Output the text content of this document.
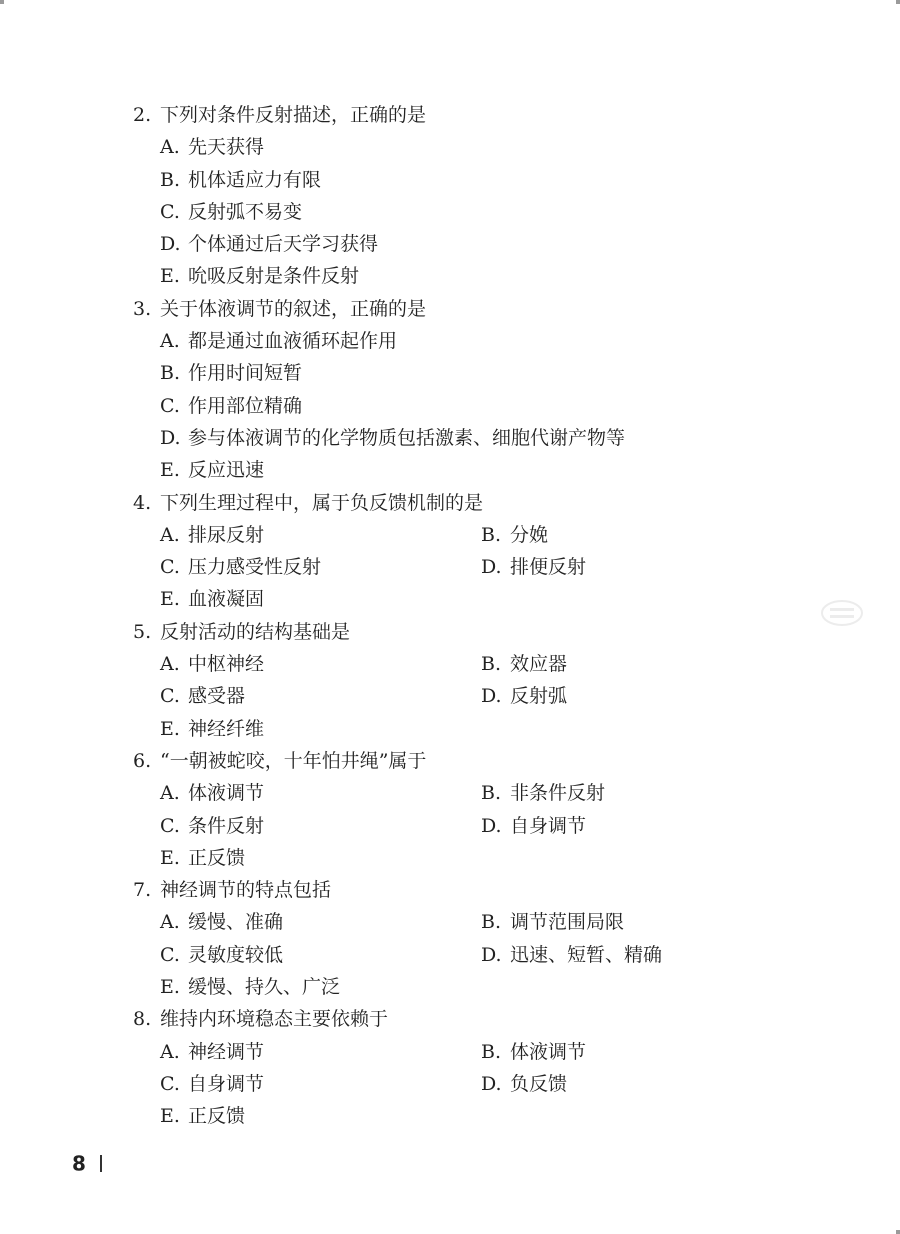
2. 下列对条件反射描述，正确的是
A. 先天获得
B. 机体适应力有限
C. 反射弧不易变
D. 个体通过后天学习获得
E. 吮吸反射是条件反射
3. 关于体液调节的叙述，正确的是
A. 都是通过血液循环起作用
B. 作用时间短暂
C. 作用部位精确
D. 参与体液调节的化学物质包括激素、细胞代谢产物等
E. 反应迅速
4. 下列生理过程中，属于负反馈机制的是
A. 排尿反射	B. 分娩
C. 压力感受性反射	D. 排便反射
E. 血液凝固
5. 反射活动的结构基础是
A. 中枢神经	B. 效应器
C. 感受器	D. 反射弧
E. 神经纤维
6. “一朝被蛇咬，十年怕井绳”属于
A. 体液调节	B. 非条件反射
C. 条件反射	D. 自身调节
E. 正反馈
7. 神经调节的特点包括
A. 缓慢、准确	B. 调节范围局限
C. 灵敏度较低	D. 迅速、短暂、精确
E. 缓慢、持久、广泛
8. 维持内环境稳态主要依赖于
A. 神经调节	B. 体液调节
C. 自身调节	D. 负反馈
E. 正反馈
8
